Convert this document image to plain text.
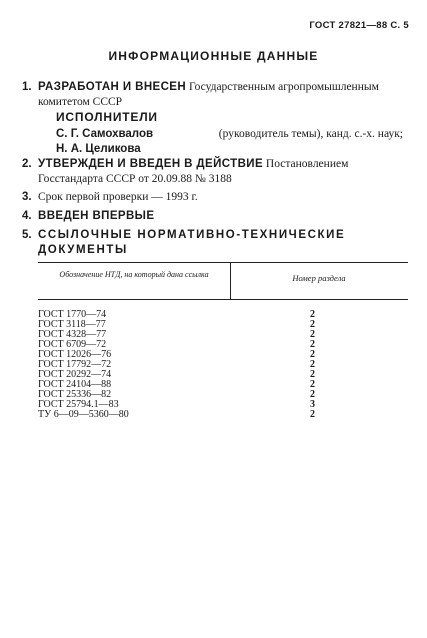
ГОСТ 27821—88 С. 5
ИНФОРМАЦИОННЫЕ ДАННЫЕ
1. РАЗРАБОТАН И ВНЕСЕН Государственным агропромышленным комитетом СССР
ИСПОЛНИТЕЛИ
С. Г. Самохвалов	(руководитель темы), канд. с.-х. наук;
Н. А. Целикова
2. УТВЕРЖДЕН И ВВЕДЕН В ДЕЙСТВИЕ Постановлением Госстандарта СССР от 20.09.88 № 3188
3. Срок первой проверки — 1993 г.
4. ВВЕДЕН ВПЕРВЫЕ
5. ССЫЛОЧНЫЕ НОРМАТИВНО-ТЕХНИЧЕСКИЕ ДОКУМЕНТЫ
Обозначение НТД, на который дана ссылка	Номер раздела
ГОСТ 1770—74	2
ГОСТ 3118—77	2
ГОСТ 4328—77	2
ГОСТ 6709—72	2
ГОСТ 12026—76	2
ГОСТ 17792—72	2
ГОСТ 20292—74	2
ГОСТ 24104—88	2
ГОСТ 25336—82	2
ГОСТ 25794.1—83	3
ТУ 6—09—5360—80	2
